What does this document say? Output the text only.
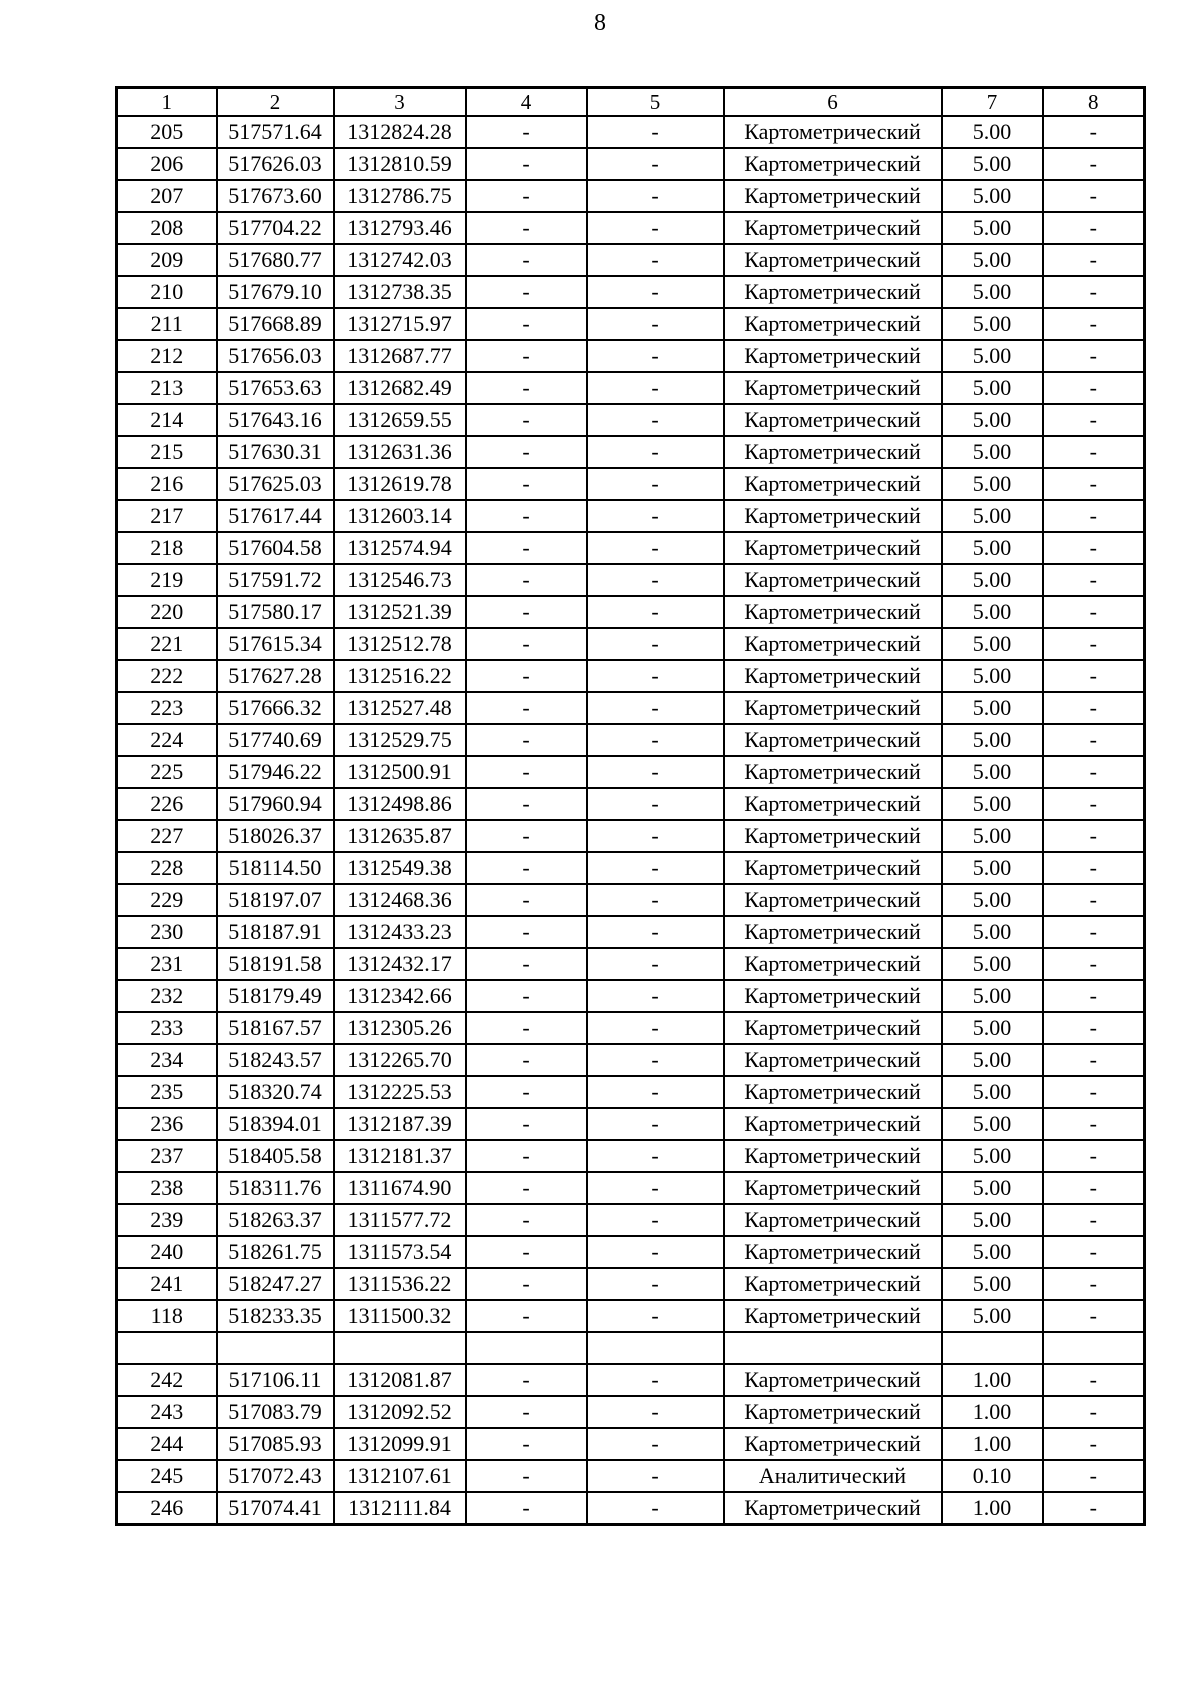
8
1	2	3	4	5	6	7	8
205	517571.64	1312824.28	-	-	Картометрический	5.00	-
206	517626.03	1312810.59	-	-	Картометрический	5.00	-
207	517673.60	1312786.75	-	-	Картометрический	5.00	-
208	517704.22	1312793.46	-	-	Картометрический	5.00	-
209	517680.77	1312742.03	-	-	Картометрический	5.00	-
210	517679.10	1312738.35	-	-	Картометрический	5.00	-
211	517668.89	1312715.97	-	-	Картометрический	5.00	-
212	517656.03	1312687.77	-	-	Картометрический	5.00	-
213	517653.63	1312682.49	-	-	Картометрический	5.00	-
214	517643.16	1312659.55	-	-	Картометрический	5.00	-
215	517630.31	1312631.36	-	-	Картометрический	5.00	-
216	517625.03	1312619.78	-	-	Картометрический	5.00	-
217	517617.44	1312603.14	-	-	Картометрический	5.00	-
218	517604.58	1312574.94	-	-	Картометрический	5.00	-
219	517591.72	1312546.73	-	-	Картометрический	5.00	-
220	517580.17	1312521.39	-	-	Картометрический	5.00	-
221	517615.34	1312512.78	-	-	Картометрический	5.00	-
222	517627.28	1312516.22	-	-	Картометрический	5.00	-
223	517666.32	1312527.48	-	-	Картометрический	5.00	-
224	517740.69	1312529.75	-	-	Картометрический	5.00	-
225	517946.22	1312500.91	-	-	Картометрический	5.00	-
226	517960.94	1312498.86	-	-	Картометрический	5.00	-
227	518026.37	1312635.87	-	-	Картометрический	5.00	-
228	518114.50	1312549.38	-	-	Картометрический	5.00	-
229	518197.07	1312468.36	-	-	Картометрический	5.00	-
230	518187.91	1312433.23	-	-	Картометрический	5.00	-
231	518191.58	1312432.17	-	-	Картометрический	5.00	-
232	518179.49	1312342.66	-	-	Картометрический	5.00	-
233	518167.57	1312305.26	-	-	Картометрический	5.00	-
234	518243.57	1312265.70	-	-	Картометрический	5.00	-
235	518320.74	1312225.53	-	-	Картометрический	5.00	-
236	518394.01	1312187.39	-	-	Картометрический	5.00	-
237	518405.58	1312181.37	-	-	Картометрический	5.00	-
238	518311.76	1311674.90	-	-	Картометрический	5.00	-
239	518263.37	1311577.72	-	-	Картометрический	5.00	-
240	518261.75	1311573.54	-	-	Картометрический	5.00	-
241	518247.27	1311536.22	-	-	Картометрический	5.00	-
118	518233.35	1311500.32	-	-	Картометрический	5.00	-

242	517106.11	1312081.87	-	-	Картометрический	1.00	-
243	517083.79	1312092.52	-	-	Картометрический	1.00	-
244	517085.93	1312099.91	-	-	Картометрический	1.00	-
245	517072.43	1312107.61	-	-	Аналитический	0.10	-
246	517074.41	1312111.84	-	-	Картометрический	1.00	-
